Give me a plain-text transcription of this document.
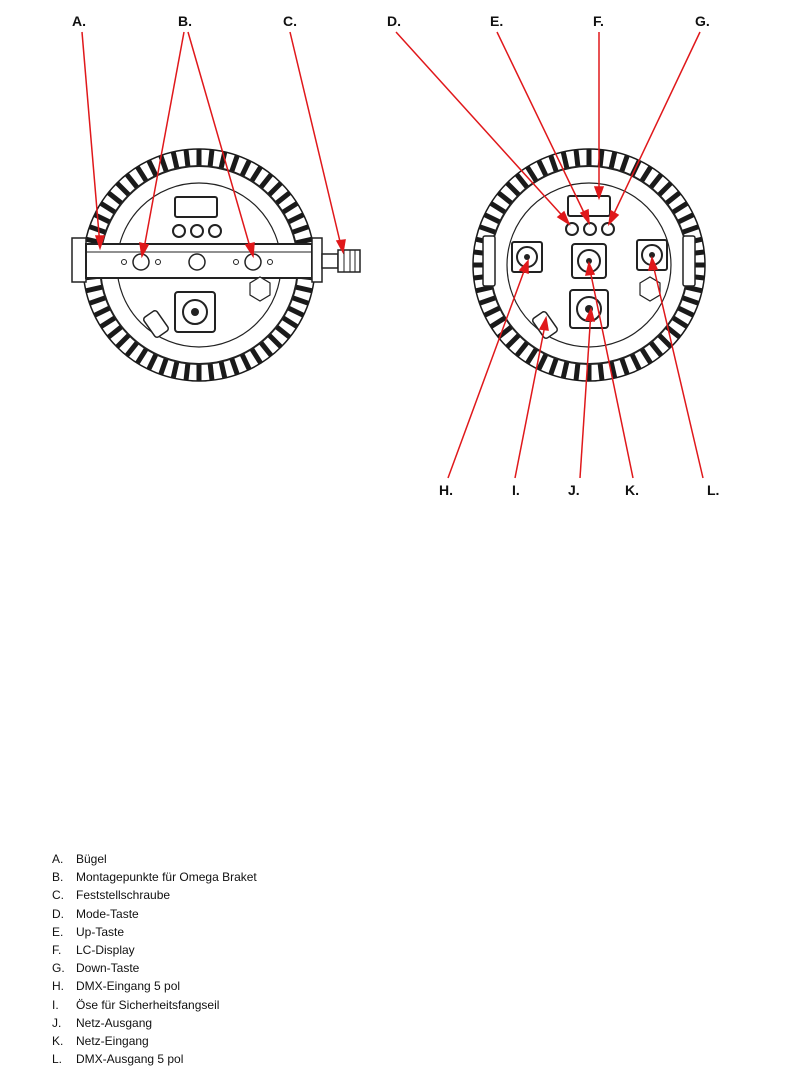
A.	B.	C.	D.	E.	F.	G.
H.	I.	J.	K.	L.
A.	Bügel
B.	Montagepunkte für Omega Braket
C.	Feststellschraube
D.	Mode-Taste
E.	Up-Taste
F.	LC-Display
G. Down-Taste
H.	DMX-Eingang 5 pol
I.	Öse für Sicherheitsfangseil
J.	Netz-Ausgang
K.	Netz-Eingang
L.	DMX-Ausgang 5 pol
